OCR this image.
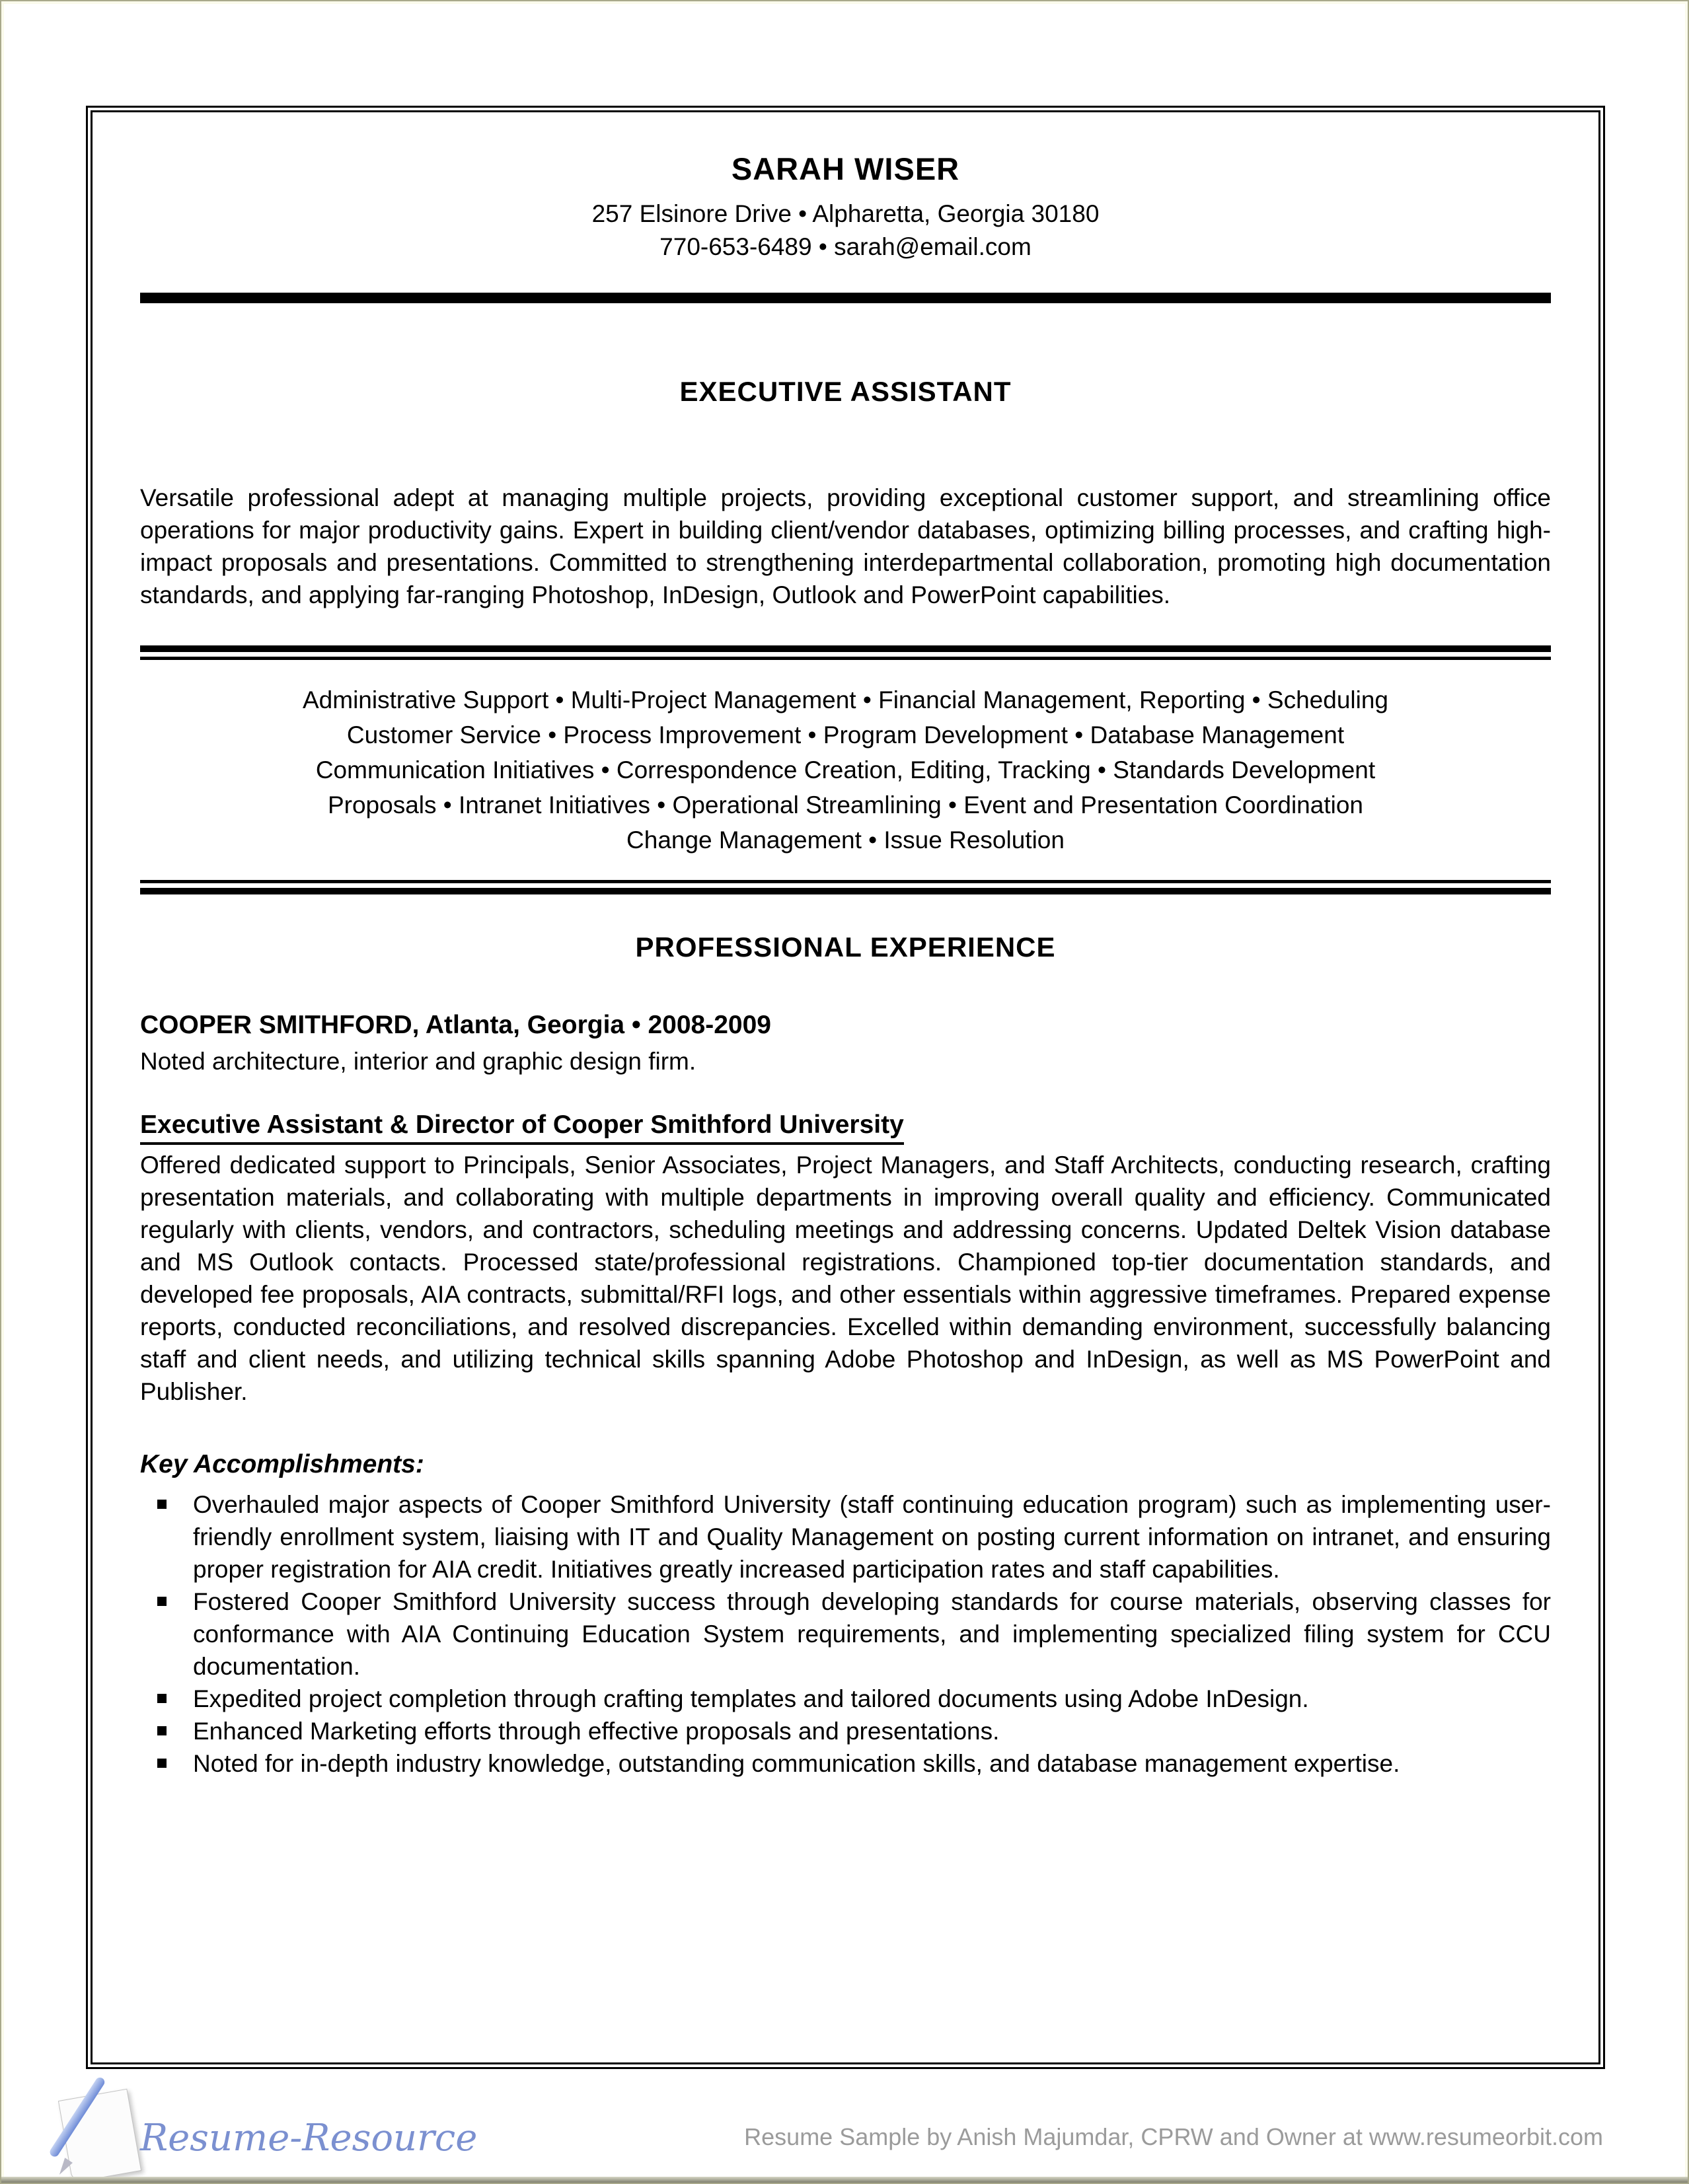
SARAH WISER
257 Elsinore Drive • Alpharetta, Georgia 30180
770-653-6489 • sarah@email.com
EXECUTIVE ASSISTANT
Versatile professional adept at managing multiple projects, providing exceptional customer support, and streamlining office operations for major productivity gains. Expert in building client/vendor databases, optimizing billing processes, and crafting high-impact proposals and presentations. Committed to strengthening interdepartmental collaboration, promoting high documentation standards, and applying far-ranging Photoshop, InDesign, Outlook and PowerPoint capabilities.
Administrative Support • Multi-Project Management • Financial Management, Reporting • Scheduling
Customer Service • Process Improvement • Program Development • Database Management
Communication Initiatives • Correspondence Creation, Editing, Tracking • Standards Development
Proposals • Intranet Initiatives • Operational Streamlining • Event and Presentation Coordination
Change Management • Issue Resolution
PROFESSIONAL EXPERIENCE
COOPER SMITHFORD, Atlanta, Georgia • 2008-2009
Noted architecture, interior and graphic design firm.
Executive Assistant & Director of Cooper Smithford University
Offered dedicated support to Principals, Senior Associates, Project Managers, and Staff Architects, conducting research, crafting presentation materials, and collaborating with multiple departments in improving overall quality and efficiency. Communicated regularly with clients, vendors, and contractors, scheduling meetings and addressing concerns. Updated Deltek Vision database and MS Outlook contacts. Processed state/professional registrations. Championed top-tier documentation standards, and developed fee proposals, AIA contracts, submittal/RFI logs, and other essentials within aggressive timeframes. Prepared expense reports, conducted reconciliations, and resolved discrepancies. Excelled within demanding environment, successfully balancing staff and client needs, and utilizing technical skills spanning Adobe Photoshop and InDesign, as well as MS PowerPoint and Publisher.
Key Accomplishments:
Overhauled major aspects of Cooper Smithford University (staff continuing education program) such as implementing user-friendly enrollment system, liaising with IT and Quality Management on posting current information on intranet, and ensuring proper registration for AIA credit. Initiatives greatly increased participation rates and staff capabilities.
Fostered Cooper Smithford University success through developing standards for course materials, observing classes for conformance with AIA Continuing Education System requirements, and implementing specialized filing system for CCU documentation.
Expedited project completion through crafting templates and tailored documents using Adobe InDesign.
Enhanced Marketing efforts through effective proposals and presentations.
Noted for in-depth industry knowledge, outstanding communication skills, and database management expertise.
Resume-Resource	Resume Sample by Anish Majumdar, CPRW and Owner at www.resumeorbit.com
